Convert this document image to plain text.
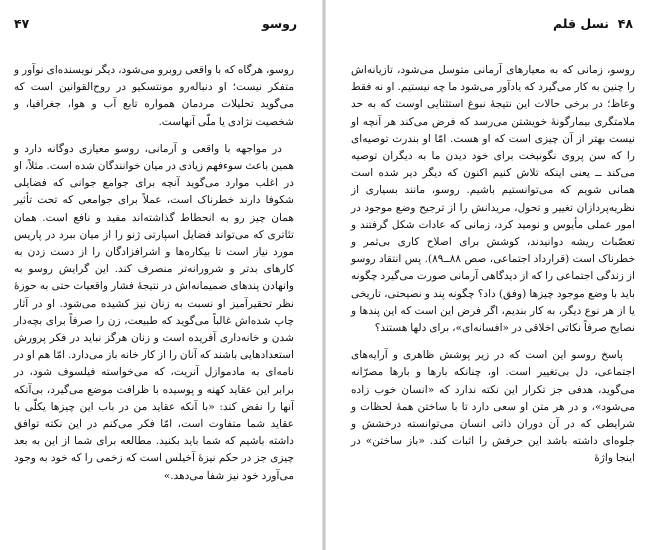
۴۷	روسو

روسو، هرگاه که با واقعی روبرو می‌شود، دیگر نویسنده‌ای نوآور و متفکر نیست؛ او دنباله‌رو مونتسکیو در روح‌القوانین است که می‌گوید تحلیلات مردمان همواره تابع آب و هوا، جغرافیا، و شخصیت نژادی یا ملّی آنهاست.

در مواجهه با واقعی و آرمانی، روسو معیاری دوگانه دارد و همین باعث سوءفهم زیادی در میان خوانندگان شده است. مثلاً، او در اغلب موارد می‌گوید آنچه برای جوامع جوانی که فضایلی شکوفا دارند خطرناک است، عملاً برای جوامعی که تحت تأثیر همان چیز رو به انحطاط گذاشته‌اند مفید و نافع است. همان تئاتری که می‌تواند فضایل اسپارتی ژنو را از میان ببرد در پاریس مورد نیاز است تا بیکاره‌ها و اشرافزادگان را از دست زدن به کارهای بدتر و شرورانه‌تر منصرف کند. این گرایش روسو به وانهادن پندهای صمیمانه‌اش در نتیجهٔ فشار واقعیات حتی به حوزهٔ نظر تحقیرآمیز او نسبت به زنان نیز کشیده می‌شود. او در آثار چاپ شده‌اش غالباً می‌گوید که طبیعت، زن را صرفاً برای بچه‌دار شدن و خانه‌داری آفریده است و زنان هرگز نباید در فکر پرورش استعدادهایی باشند که آنان را از کار خانه باز می‌دارد. امّا هم او در نامه‌ای به مادموازل آنریت، که می‌خواسته فیلسوف شود، در برابر این عقاید کهنه و پوسیده با ظرافت موضع می‌گیرد، بی‌آنکه آنها را نقض کند: «با آنکه عقاید من در باب این چیزها یکلّی با عقاید شما متفاوت است، امّا فکر می‌کنم در این نکته توافق داشته باشیم که شما باید بکنید. مطالعه برای شما از این به بعد چیزی جز در حکم نیزهٔ آخیلس است که زخمی را که خود به وجود می‌آورد خود نیز شفا می‌دهد.»

۴۸
نسل قلم

روسو، زمانی که به معیارهای آرمانی متوسل می‌شود، تازیانه‌اش را چنین به کار می‌گیرد که یادآور می‌شود ما چه نیستیم. او نه فقط وعاظ؛ در برخی حالات این نتیجهٔ نبوغ استثنایی اوست که به حد ملامتگری بیمارگونهٔ خویشتن می‌رسد که فرض می‌کند هر آنچه او نیست بهتر از آن چیزی است که او هست. امّا او بندرت توصیه‌ای را که سن پروی نگونبخت برای خود دیدن ما به دیگران توصیه می‌کند ــ یعنی اینکه تلاش کنیم اکنون که دیگر دیر شده است همانی شویم که می‌توانستیم باشیم. روسو، مانند بسیاری از نظریه‌پردازان تغییر و تحول، مریدانش را از ترجیح وضع موجود در امور عملی مأیوس و نومید کرد، زمانی که عادات شکل گرفتند و تعصّبات ریشه دوانیدند، کوشش برای اصلاح کاری بی‌ثمر و خطرناک است (قرارداد اجتماعی، صص ۸۸ــ۸۹). پس انتقاد روسو از زندگی اجتماعی را که از دیدگاهی آرمانی صورت می‌گیرد چگونه باید با وضع موجود چیزها (وفق) داد؟ چگونه پند و نصیحتی، تاریخی یا از هر نوع دیگر، به کار بندیم، اگر فرض این است که این پندها و نصایح صرفاً نکاتی اخلاقی در «افسانه‌ای»، برای دلها هستند؟

پاسخ روسو این است که در زیر پوشش ظاهری و آرایه‌های اجتماعی، دل بی‌تغییر است. او، چنانکه بارها و بارها مصرّانه می‌گوید، هدفی جز تکرار این نکته ندارد که «انسان خوب زاده می‌شود»، و در هر متن او سعی دارد تا با ساختن همهٔ لحظات و شرایطی که در آن دوران ذاتی انسان می‌توانسته درخشش و جلوه‌ای داشته باشد این حرفش را اثبات کند. «باز ساختن» در اینجا واژهٔ
